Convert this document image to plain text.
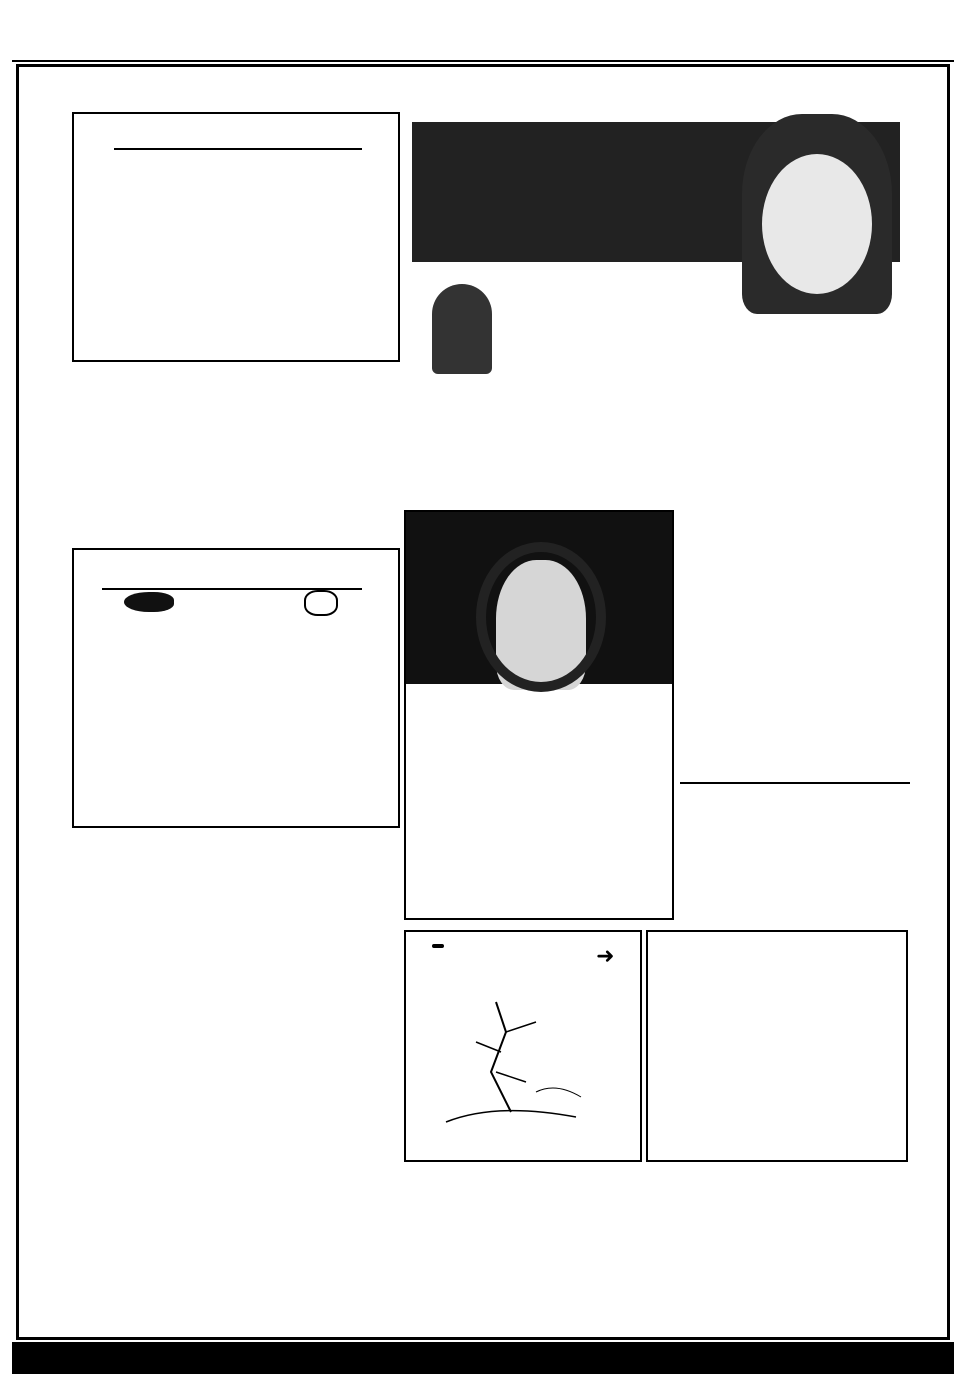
➜
